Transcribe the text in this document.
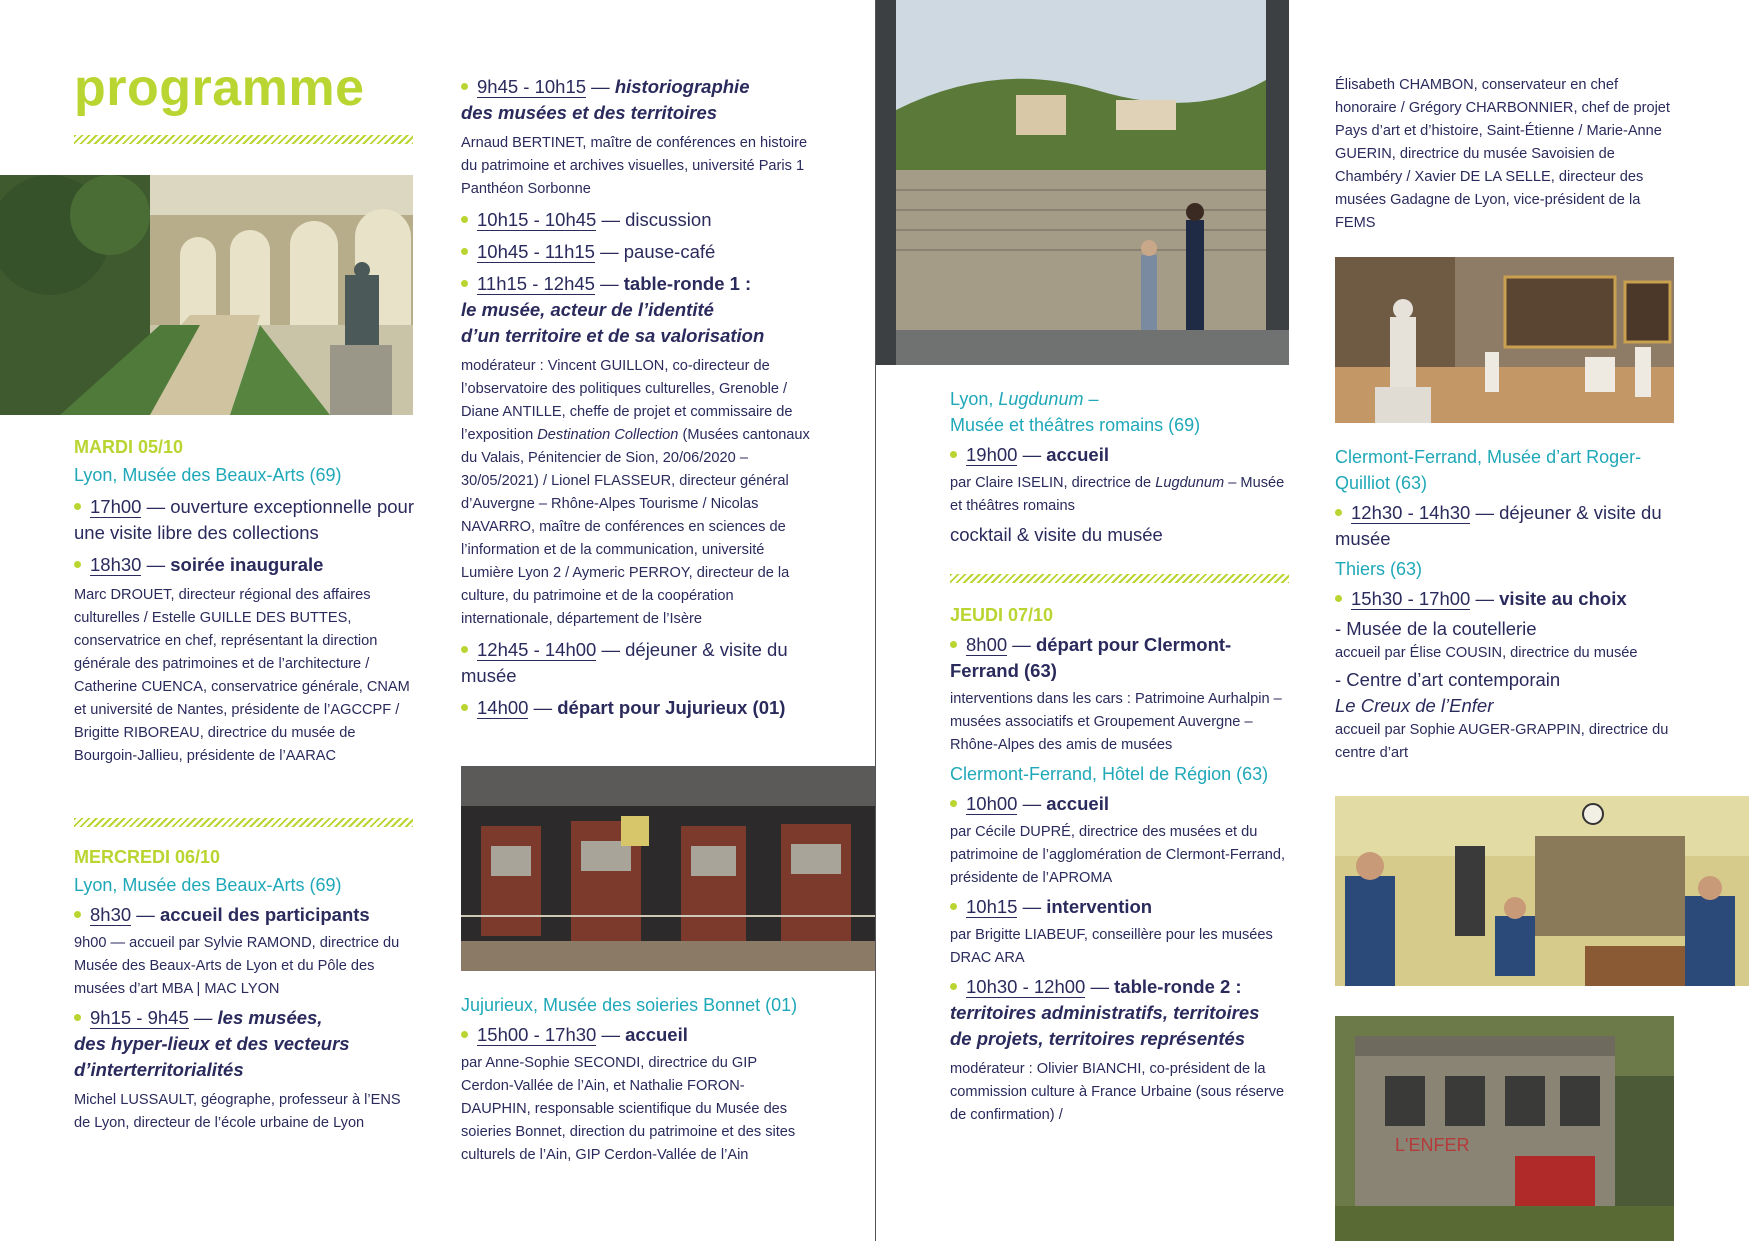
programme
MARDI 05/10
Lyon, Musée des Beaux-Arts (69)
17h00 — ouverture exceptionnelle pour une visite libre des collections
18h30 — soirée inaugurale
Marc DROUET, directeur régional des affaires culturelles / Estelle GUILLE DES BUTTES, conservatrice en chef, représentant la direction générale des patrimoines et de l’architecture / Catherine CUENCA, conservatrice générale, CNAM et université de Nantes, présidente de l’AGCCPF / Brigitte RIBOREAU, directrice du musée de Bourgoin-Jallieu, présidente de l’AARAC
MERCREDI 06/10
Lyon, Musée des Beaux-Arts (69)
8h30 — accueil des participants
9h00 — accueil par Sylvie RAMOND, directrice du Musée des Beaux-Arts de Lyon et du Pôle des musées d’art MBA | MAC LYON
9h15 - 9h45 — les musées,
des hyper-lieux et des vecteurs
d’interterritorialités
Michel LUSSAULT, géographe, professeur à l’ENS de Lyon, directeur de l’école urbaine de Lyon
9h45 - 10h15 — historiographie
des musées et des territoires
Arnaud BERTINET, maître de conférences en histoire du patrimoine et archives visuelles, université Paris 1 Panthéon Sorbonne
10h15 - 10h45 — discussion
10h45 - 11h15 — pause-café
11h15 - 12h45 — table-ronde 1 :
le musée, acteur de l’identité
d’un territoire et de sa valorisation
modérateur : Vincent GUILLON, co-directeur de l’observatoire des politiques culturelles, Grenoble / Diane ANTILLE, cheffe de projet et commissaire de l’exposition Destination Collection (Musées cantonaux du Valais, Pénitencier de Sion, 20/06/2020 – 30/05/2021) / Lionel FLASSEUR, directeur général d’Auvergne – Rhône-Alpes Tourisme / Nicolas NAVARRO, maître de conférences en sciences de l’information et de la communication, université Lumière Lyon 2 / Aymeric PERROY, directeur de la culture, du patrimoine et de la coopération internationale, département de l’Isère
12h45 - 14h00 — déjeuner & visite du musée
14h00 — départ pour Jujurieux (01)
Jujurieux, Musée des soieries Bonnet (01)
15h00 - 17h30 — accueil
par Anne-Sophie SECONDI, directrice du GIP Cerdon-Vallée de l’Ain, et Nathalie FORON-DAUPHIN, responsable scientifique du Musée des soieries Bonnet, direction du patrimoine et des sites culturels de l’Ain, GIP Cerdon-Vallée de l’Ain
Lyon, Lugdunum –
Musée et théâtres romains (69)
19h00 — accueil
par Claire ISELIN, directrice de Lugdunum – Musée et théâtres romains
cocktail & visite du musée
JEUDI 07/10
8h00 — départ pour Clermont-Ferrand (63)
interventions dans les cars : Patrimoine Aurhalpin – musées associatifs et Groupement Auvergne – Rhône-Alpes des amis de musées
Clermont-Ferrand, Hôtel de Région (63)
10h00 — accueil
par Cécile DUPRÉ, directrice des musées et du patrimoine de l’agglomération de Clermont-Ferrand, présidente de l’APROMA
10h15 — intervention
par Brigitte LIABEUF, conseillère pour les musées DRAC ARA
10h30 - 12h00 — table-ronde 2 :
territoires administratifs, territoires
de projets, territoires représentés
modérateur : Olivier BIANCHI, co-président de la commission culture à France Urbaine (sous réserve de confirmation) /
Élisabeth CHAMBON, conservateur en chef honoraire / Grégory CHARBONNIER, chef de projet Pays d’art et d’histoire, Saint-Étienne / Marie-Anne GUERIN, directrice du musée Savoisien de Chambéry / Xavier DE LA SELLE, directeur des musées Gadagne de Lyon, vice-président de la FEMS
Clermont-Ferrand, Musée d’art Roger-Quilliot (63)
12h30 - 14h30 — déjeuner & visite du musée
Thiers (63)
15h30 - 17h00 — visite au choix
- Musée de la coutellerie
accueil par Élise COUSIN, directrice du musée
- Centre d’art contemporain
Le Creux de l’Enfer
accueil par Sophie AUGER-GRAPPIN, directrice du centre d’art
L'ENFER
